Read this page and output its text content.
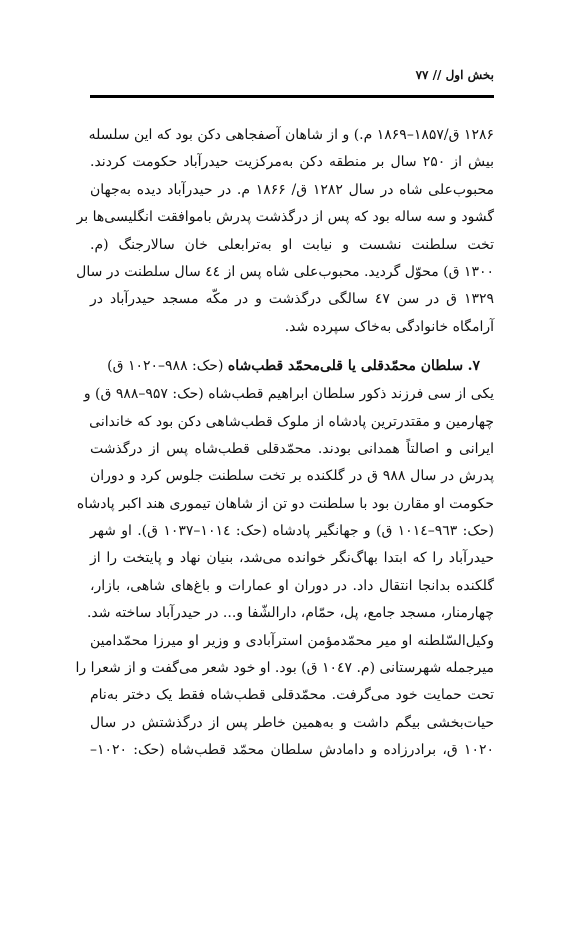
بخش اول // ۷۷
۱۲۸۶ ق/۱۸۵۷–۱۸۶۹ م.) و از شاهان آصفجاهی دکن بود که این سلسله
بیش از ۲۵۰ سال بر منطقه دکن به‌مرکزیت حیدرآباد حکومت کردند.
محبوب‌علی شاه در سال ۱۲۸۲ ق/ ۱۸۶۶ م. در حیدرآباد دیده به‌جهان
گشود و سه ساله بود که پس از درگذشت پدرش باموافقت انگلیسی‌ها بر
تخت سلطنت نشست و نیابت او به‌ترابعلی خان سالارجنگ (م.
۱۳۰۰ ق) محوّل گردید. محبوب‌علی شاه پس از ٤٤ سال سلطنت در سال
۱۳۲۹ ق در سن ٤۷ سالگی درگذشت و در مکّه مسجد حیدرآباد در
آرامگاه خانوادگی به‌خاک سپرده شد.
۷. سلطان محمّدقلی یا قلی‌محمّد قطب‌شاه (حک: ۹۸۸–۱۰۲۰ ق)
یکی از سی فرزند ذکور سلطان ابراهیم قطب‌شاه (حک: ۹۵۷–۹۸۸ ق) و
چهارمین و مقتدرترین پادشاه از ملوک قطب‌شاهی دکن بود که خاندانی
ایرانی و اصالتاً همدانی بودند. محمّدقلی قطب‌شاه پس از درگذشت
پدرش در سال ۹۸۸ ق در گلکنده بر تخت سلطنت جلوس کرد و دوران
حکومت او مقارن بود با سلطنت دو تن از شاهان تیموری هند اکبر پادشاه
(حک: ۹٦۳–۱۰۱٤ ق) و جهانگیر پادشاه (حک: ۱۰۱٤–۱۰۳۷ ق). او شهر
حیدرآباد را که ابتدا بهاگ‌نگر خوانده می‌شد، بنیان نهاد و پایتخت را از
گلکنده بدانجا انتقال داد. در دوران او عمارات و باغ‌های شاهی، بازار،
چهارمنار، مسجد جامع، پل، حمّام، دارالشّفا و... در حیدرآباد ساخته شد.
وکیل‌السّلطنه او میر محمّدمؤمن استرآبادی و وزیر او میرزا محمّدامین
میرجمله شهرستانی (م. ۱۰٤۷ ق) بود. او خود شعر می‌گفت و از شعرا را
تحت حمایت خود می‌گرفت. محمّدقلی قطب‌شاه فقط یک دختر به‌نام
حیات‌بخشی بیگم داشت و به‌همین خاطر پس از درگذشتش در سال
۱۰۲۰ ق، برادرزاده و دامادش سلطان محمّد قطب‌شاه (حک: ۱۰۲۰–
